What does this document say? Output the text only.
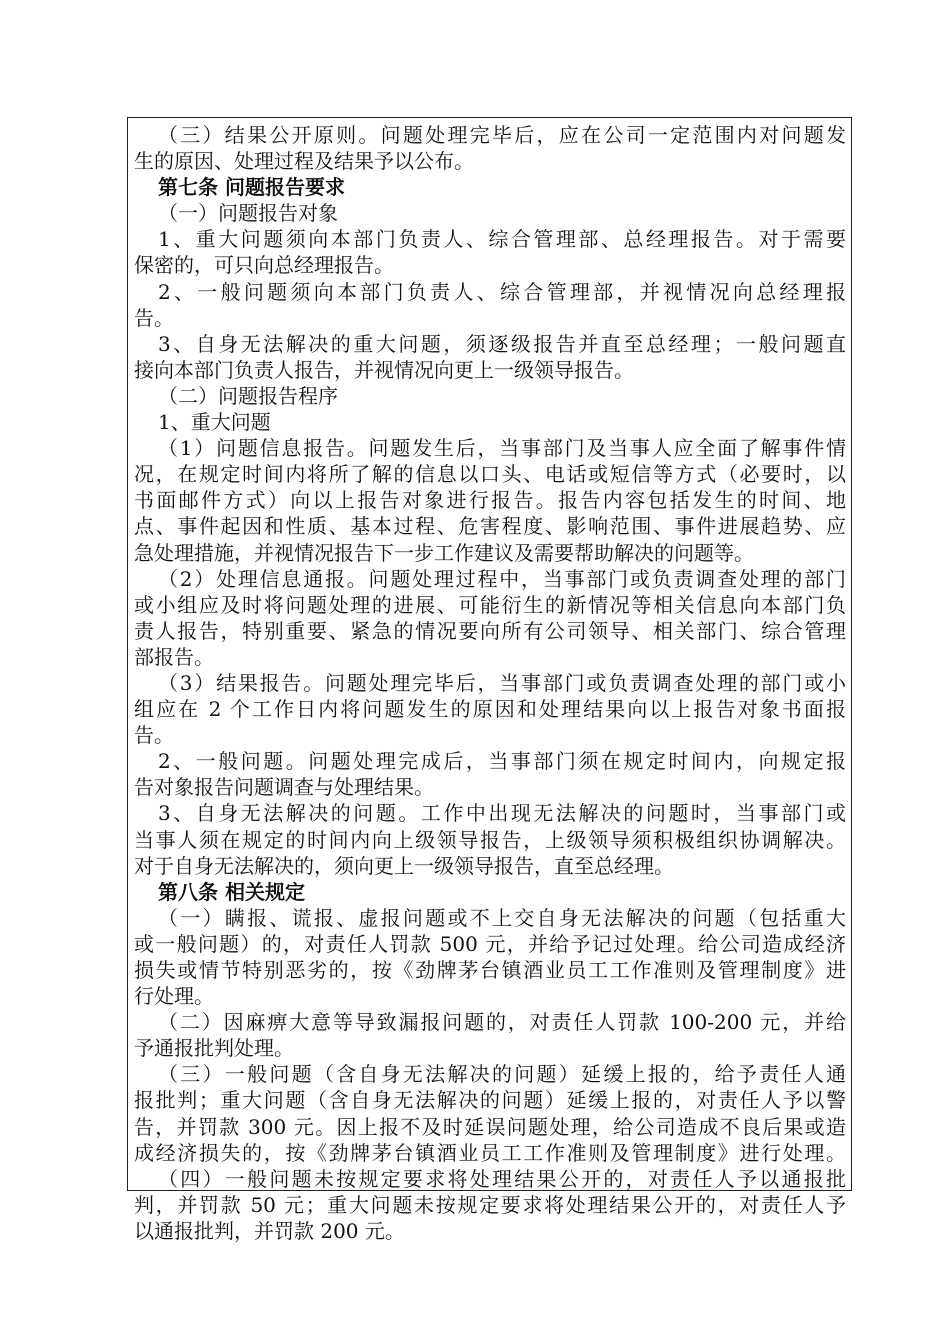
（三）结果公开原则。问题处理完毕后，应在公司一定范围内对问题发
生的原因、处理过程及结果予以公布。
第七条 问题报告要求
（一）问题报告对象
1、重大问题须向本部门负责人、综合管理部、总经理报告。对于需要
保密的，可只向总经理报告。
2、一般问题须向本部门负责人、综合管理部，并视情况向总经理报
告。
3、自身无法解决的重大问题，须逐级报告并直至总经理；一般问题直
接向本部门负责人报告，并视情况向更上一级领导报告。
（二）问题报告程序
1、重大问题
（1）问题信息报告。问题发生后，当事部门及当事人应全面了解事件情
况，在规定时间内将所了解的信息以口头、电话或短信等方式（必要时，以
书面邮件方式）向以上报告对象进行报告。报告内容包括发生的时间、地
点、事件起因和性质、基本过程、危害程度、影响范围、事件进展趋势、应
急处理措施，并视情况报告下一步工作建议及需要帮助解决的问题等。
（2）处理信息通报。问题处理过程中，当事部门或负责调查处理的部门
或小组应及时将问题处理的进展、可能衍生的新情况等相关信息向本部门负
责人报告，特别重要、紧急的情况要向所有公司领导、相关部门、综合管理
部报告。
（3）结果报告。问题处理完毕后，当事部门或负责调查处理的部门或小
组应在 2 个工作日内将问题发生的原因和处理结果向以上报告对象书面报
告。
2、一般问题。问题处理完成后，当事部门须在规定时间内，向规定报
告对象报告问题调查与处理结果。
3、自身无法解决的问题。工作中出现无法解决的问题时，当事部门或
当事人须在规定的时间内向上级领导报告，上级领导须积极组织协调解决。
对于自身无法解决的，须向更上一级领导报告，直至总经理。
第八条 相关规定
（一）瞒报、谎报、虚报问题或不上交自身无法解决的问题（包括重大
或一般问题）的，对责任人罚款 500 元，并给予记过处理。给公司造成经济
损失或情节特别恶劣的，按《劲牌茅台镇酒业员工工作准则及管理制度》进
行处理。
（二）因麻痹大意等导致漏报问题的，对责任人罚款 100-200 元，并给
予通报批判处理。
（三）一般问题（含自身无法解决的问题）延缓上报的，给予责任人通
报批判；重大问题（含自身无法解决的问题）延缓上报的，对责任人予以警
告，并罚款 300 元。因上报不及时延误问题处理，给公司造成不良后果或造
成经济损失的，按《劲牌茅台镇酒业员工工作准则及管理制度》进行处理。
（四）一般问题未按规定要求将处理结果公开的，对责任人予以通报批
判，并罚款 50 元；重大问题未按规定要求将处理结果公开的，对责任人予
以通报批判，并罚款 200 元。
